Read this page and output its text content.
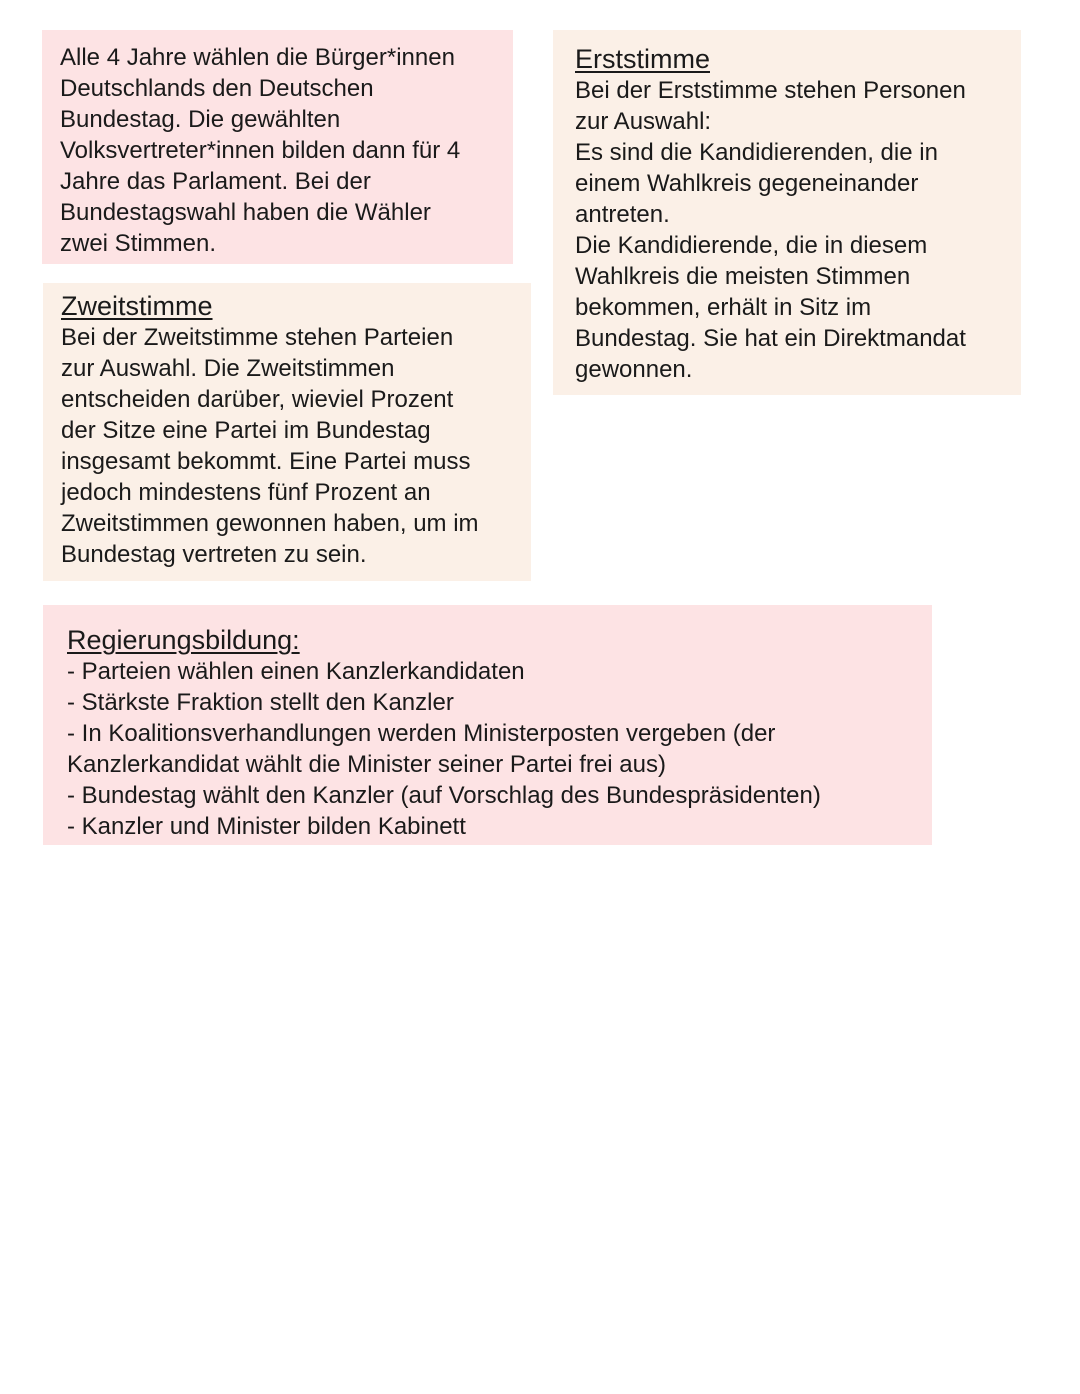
Alle 4 Jahre wählen die Bürger*innen
Deutschlands den Deutschen
Bundestag. Die gewählten
Volksvertreter*innen bilden dann für 4
Jahre das Parlament. Bei der
Bundestagswahl haben die Wähler
zwei Stimmen.
Erststimme
Bei der Erststimme stehen Personen
zur Auswahl:
Es sind die Kandidierenden, die in
einem Wahlkreis gegeneinander
antreten.
Die Kandidierende, die in diesem
Wahlkreis die meisten Stimmen
bekommen, erhält in Sitz im
Bundestag. Sie hat ein Direktmandat
gewonnen.
Zweitstimme
Bei der Zweitstimme stehen Parteien
zur Auswahl. Die Zweitstimmen
entscheiden darüber, wieviel Prozent
der Sitze eine Partei im Bundestag
insgesamt bekommt. Eine Partei muss
jedoch mindestens fünf Prozent an
Zweitstimmen gewonnen haben, um im
Bundestag vertreten zu sein.
Regierungsbildung:
- Parteien wählen einen Kanzlerkandidaten
- Stärkste Fraktion stellt den Kanzler
- In Koalitionsverhandlungen werden Ministerposten vergeben (der
Kanzlerkandidat wählt die Minister seiner Partei frei aus)
- Bundestag wählt den Kanzler (auf Vorschlag des Bundespräsidenten)
- Kanzler und Minister bilden Kabinett
